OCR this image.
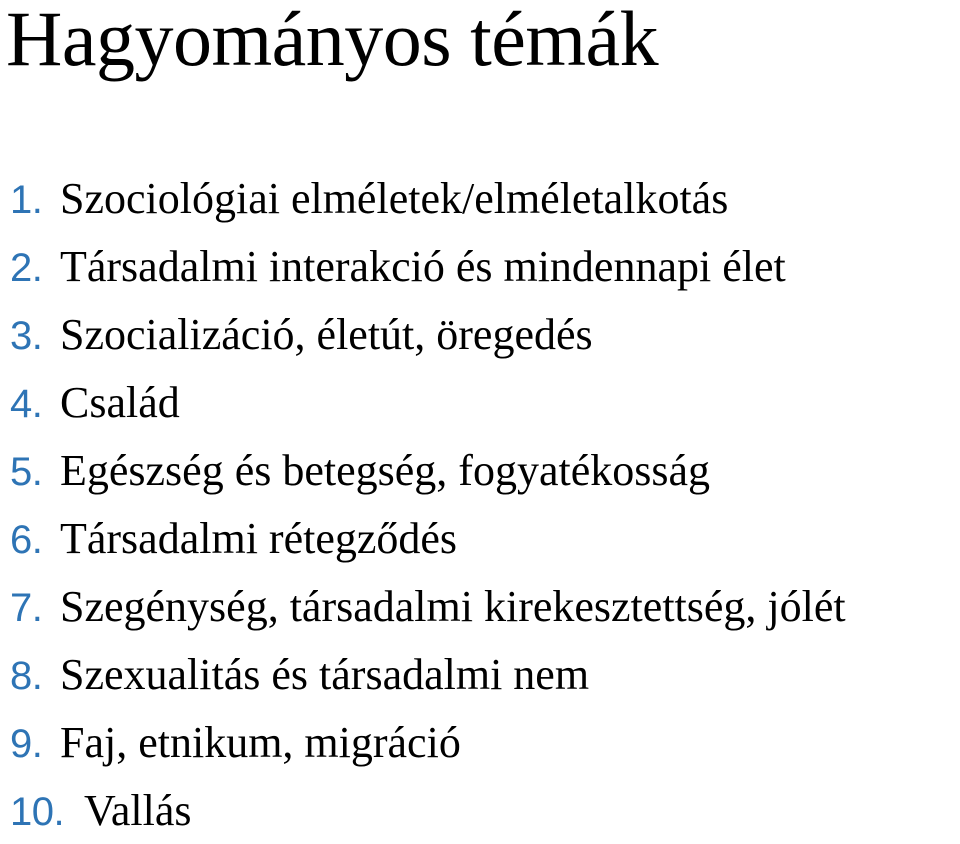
Hagyományos témák
1. Szociológiai elméletek/elméletalkotás
2. Társadalmi interakció és mindennapi élet
3. Szocializáció, életút, öregedés
4. Család
5. Egészség és betegség, fogyatékosság
6. Társadalmi rétegződés
7. Szegénység, társadalmi kirekesztettség, jólét
8. Szexualitás és társadalmi nem
9. Faj, etnikum, migráció
10. Vallás
